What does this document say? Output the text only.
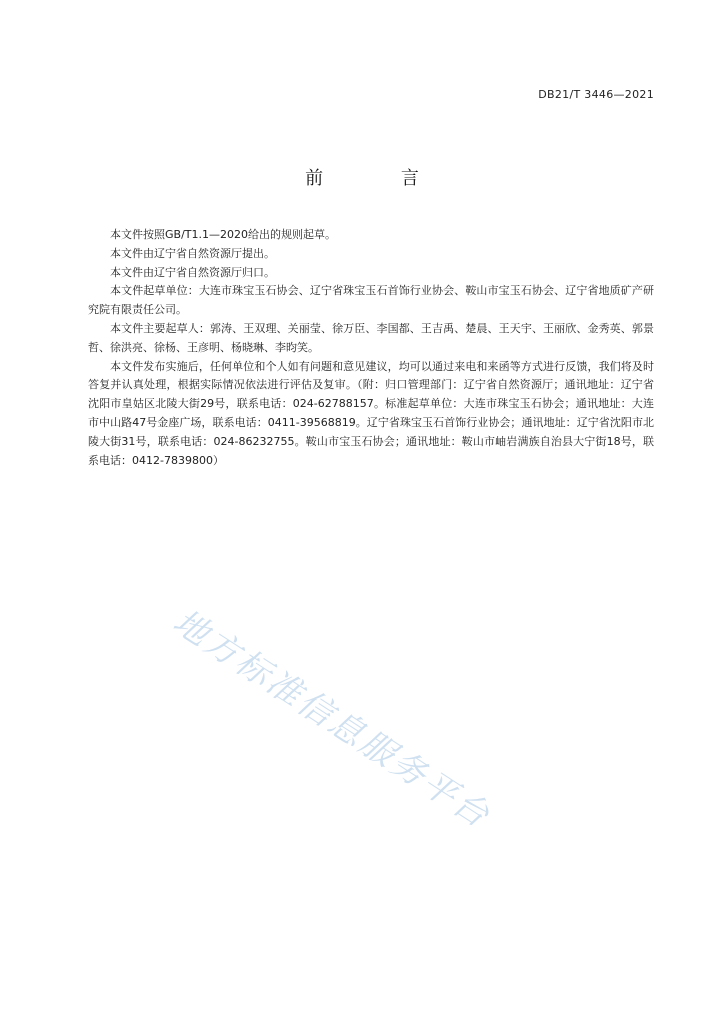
DB21/T 3446—2021
前 言

本文件按照GB/T1.1—2020给出的规则起草。

本文件由辽宁省自然资源厅提出。

本文件由辽宁省自然资源厅归口。

本文件起草单位：大连市珠宝玉石协会、辽宁省珠宝玉石首饰行业协会、鞍山市宝玉石协会、辽宁省地质矿产研究院有限责任公司。

本文件主要起草人：郭涛、王双理、关丽莹、徐万臣、李国都、王吉禹、楚晨、王天宇、王丽欣、金秀英、郭景哲、徐洪亮、徐杨、王彦明、杨晓琳、李昀笑。

本文件发布实施后，任何单位和个人如有问题和意见建议，均可以通过来电和来函等方式进行反馈，我们将及时答复并认真处理，根据实际情况依法进行评估及复审。（附：归口管理部门：辽宁省自然资源厅；通讯地址：辽宁省沈阳市皇姑区北陵大街29号，联系电话：024-62788157。标准起草单位：大连市珠宝玉石协会；通讯地址：大连市中山路47号金座广场，联系电话：0411-39568819。辽宁省珠宝玉石首饰行业协会；通讯地址：辽宁省沈阳市北陵大街31号，联系电话：024-86232755。鞍山市宝玉石协会；通讯地址：鞍山市岫岩满族自治县大宁街18号，联系电话：0412-7839800）

地方标准信息服务平台
